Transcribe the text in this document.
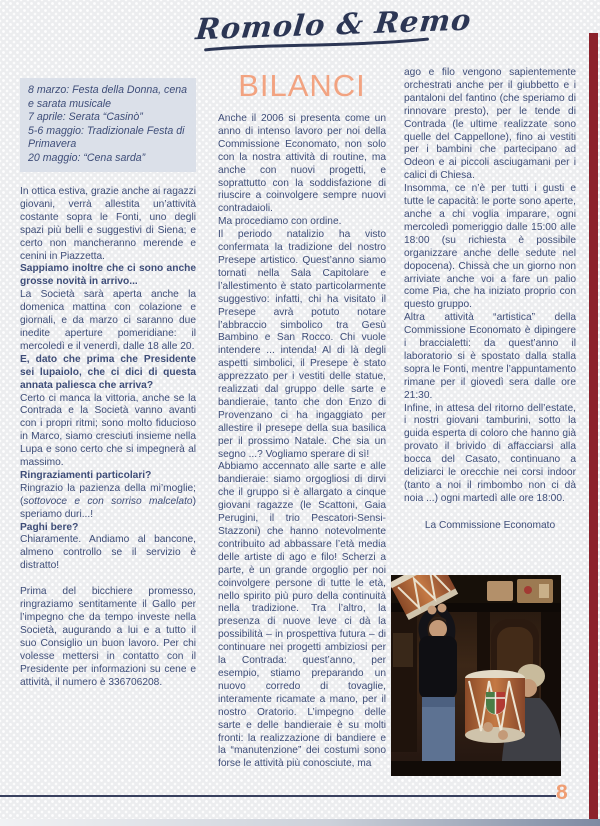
Romolo & Remo

8 marzo: Festa della Donna, cena e sarata musicale

7 aprile: Serata “Casinò”

5-6 maggio: Tradizionale Festa di Primavera

20 maggio: “Cena sarda”

BILANCI

In ottica estiva, grazie anche ai ragazzi giovani, verrà allestita un’attività costante sopra le Fonti, uno degli spazi più belli e suggestivi di Siena; e certo non mancheranno merende e cenini in Piazzetta.

Sappiamo inoltre che ci sono anche grosse novità in arrivo...

La Società sarà aperta anche la domenica mattina con colazione e giornali, e da marzo ci saranno due inedite aperture pomeridiane: il mercoledì e il venerdì, dalle 18 alle 20.

E, dato che prima che Presidente sei lupaiolo, che ci dici di questa annata paliesca che arriva?

Certo ci manca la vittoria, anche se la Contrada e la Società vanno avanti con i propri ritmi; sono molto fiducioso in Marco, siamo cresciuti insieme nella Lupa e sono certo che si impegnerà al massimo.

Ringraziamenti particolari?

Ringrazio la pazienza della mi’moglie; (sottovoce e con sorriso malcelato) speriamo duri...!

Paghi bere?

Chiaramente. Andiamo al bancone, almeno controllo se il servizio è distratto!

Prima del bicchiere promesso, ringraziamo sentitamente il Gallo per l’impegno che da tempo investe nella Società, augurando a lui e a tutto il suo Consiglio un buon lavoro. Per chi volesse mettersi in contatto con il Presidente per informazioni su cene e attività, il numero è 336706208.

Anche il 2006 si presenta come un anno di intenso lavoro per noi della Commissione Economato, non solo con la nostra attività di routine, ma anche con nuovi progetti, e soprattutto con la soddisfazione di riuscire a coinvolgere sempre nuovi contradaioli.

Ma procediamo con ordine.

Il periodo natalizio ha visto confermata la tradizione del nostro Presepe artistico. Quest’anno siamo tornati nella Sala Capitolare e l’allestimento è stato particolarmente suggestivo: infatti, chi ha visitato il Presepe avrà potuto notare l’abbraccio simbolico tra Gesù Bambino e San Rocco. Chi vuole intendere ... intenda! Al di là degli aspetti simbolici, il Presepe è stato apprezzato per i vestiti delle statue, realizzati dal gruppo delle sarte e bandieraie, tanto che don Enzo di Provenzano ci ha ingaggiato per allestire il presepe della sua basilica per il prossimo Natale. Che sia un segno ...? Vogliamo sperare di sì!

Abbiamo accennato alle sarte e alle bandieraie: siamo orgogliosi di dirvi che il gruppo si è allargato a cinque giovani ragazze (le Scattoni, Gaia Perugini, il trio Pescatori-Sensi-Stazzoni) che hanno notevolmente contribuito ad abbassare l’età media delle artiste di ago e filo! Scherzi a parte, è un grande orgoglio per noi coinvolgere persone di tutte le età, nello spirito più puro della continuità nella tradizione. Tra l’altro, la presenza di nuove leve ci dà la possibilità – in prospettiva futura – di continuare nei progetti ambiziosi per la Contrada: quest’anno, per esempio, stiamo preparando un nuovo corredo di tovaglie, interamente ricamate a mano, per il nostro Oratorio. L’impegno delle sarte e delle bandieraie è su molti fronti: la realizzazione di bandiere e la “manutenzione” dei costumi sono forse le attività più conosciute, ma

ago e filo vengono sapientemente orchestrati anche per il giubbetto e i pantaloni del fantino (che speriamo di rinnovare presto), per le tende di Contrada (le ultime realizzate sono quelle del Cappellone), fino ai vestiti per i bambini che partecipano ad Odeon e ai piccoli asciugamani per i calici di Chiesa.

Insomma, ce n’è per tutti i gusti e tutte le capacità: le porte sono aperte, anche a chi voglia imparare, ogni mercoledì pomeriggio dalle 15:00 alle 18:00 (su richiesta è possibile organizzare anche delle sedute nel dopocena). Chissà che un giorno non arriviate anche voi a fare un palio come Pia, che ha iniziato proprio con questo gruppo.

Altra attività “artistica” della Commissione Economato è dipingere i braccialetti: da quest’anno il laboratorio si è spostato dalla stalla sopra le Fonti, mentre l’appuntamento rimane per il giovedì sera dalle ore 21:30.

Infine, in attesa del ritorno dell’estate, i nostri giovani tamburini, sotto la guida esperta di coloro che hanno già provato il brivido di affacciarsi alla bocca del Casato, continuano a deliziarci le orecchie nei corsi indoor (tanto a noi il rimbombo non ci dà noia ...) ogni martedì alle ore 18:00.

La Commissione Economato

8
